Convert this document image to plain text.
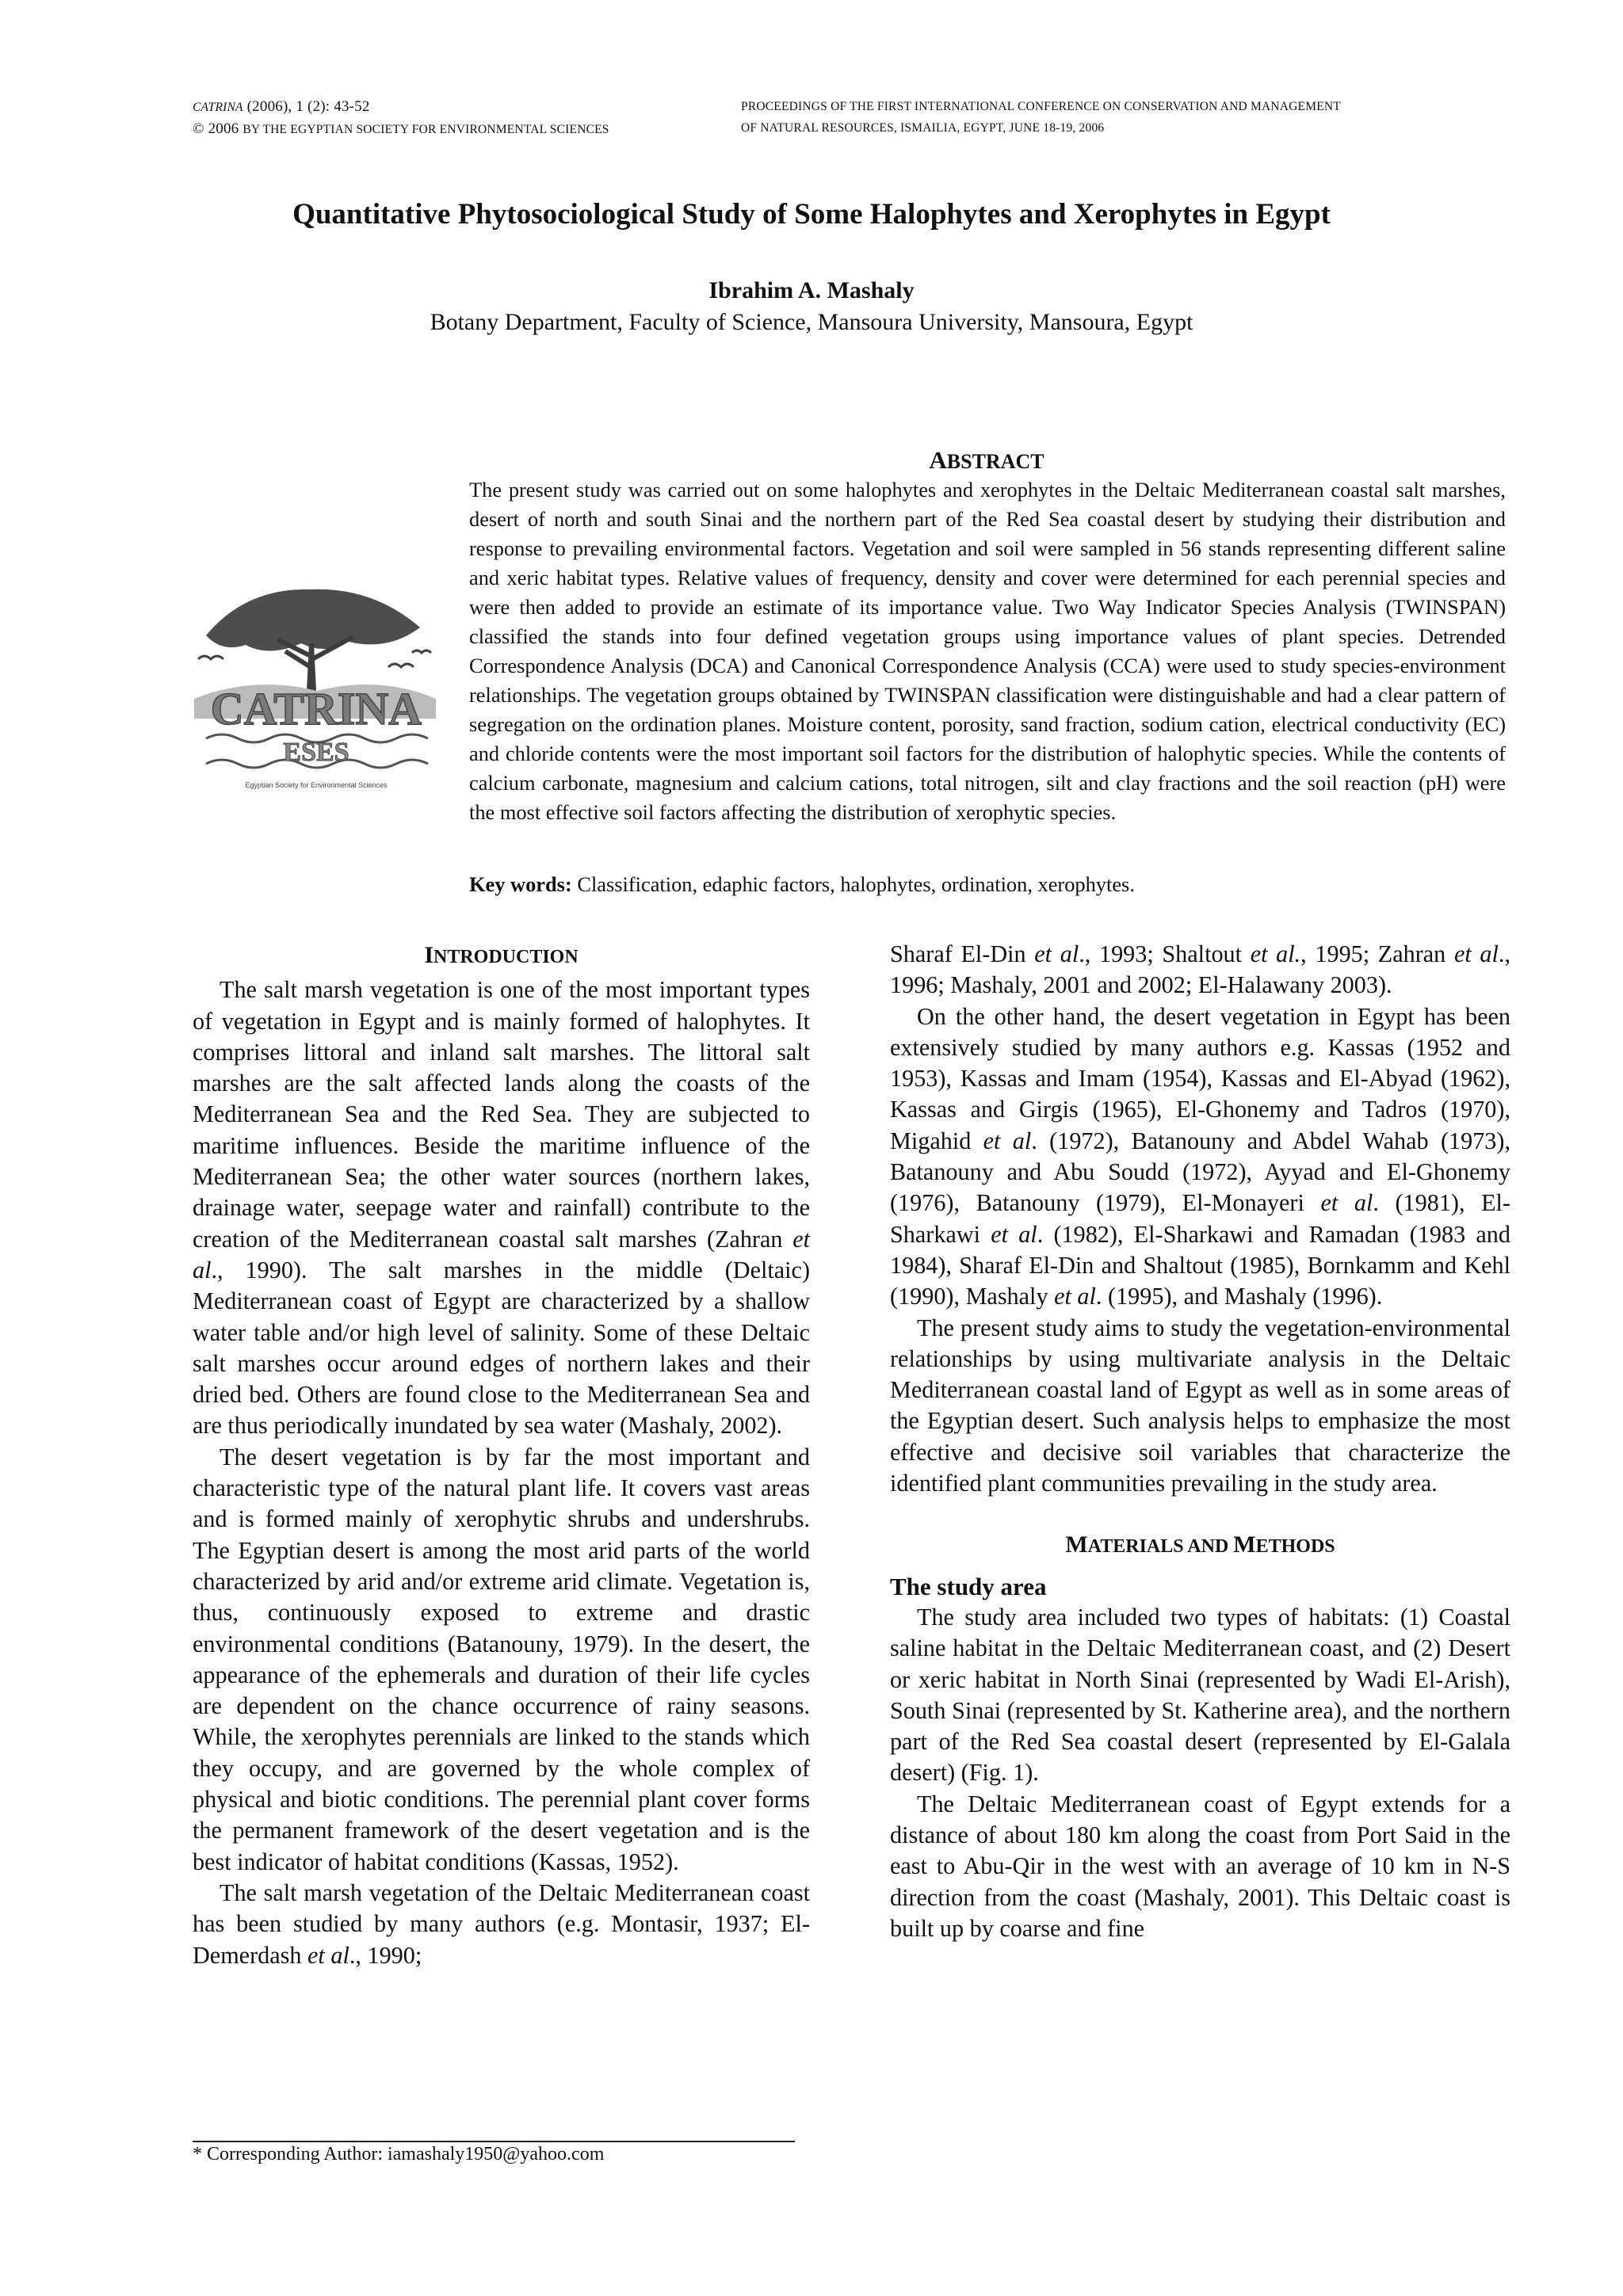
CATRINA (2006), 1 (2): 43-52
© 2006 BY THE EGYPTIAN SOCIETY FOR ENVIRONMENTAL SCIENCES
PROCEEDINGS OF THE FIRST INTERNATIONAL CONFERENCE ON CONSERVATION AND MANAGEMENT
OF NATURAL RESOURCES, ISMAILIA, EGYPT, JUNE 18-19, 2006
Quantitative Phytosociological Study of Some Halophytes and Xerophytes in Egypt
Ibrahim A. Mashaly
Botany Department, Faculty of Science, Mansoura University, Mansoura, Egypt
CATRINA
ESES
Egyptian Society for Environmental Sciences
ABSTRACT
The present study was carried out on some halophytes and xerophytes in the Deltaic Mediterranean coastal salt marshes, desert of north and south Sinai and the northern part of the Red Sea coastal desert by studying their distribution and response to prevailing environmental factors. Vegetation and soil were sampled in 56 stands representing different saline and xeric habitat types. Relative values of frequency, density and cover were determined for each perennial species and were then added to provide an estimate of its importance value. Two Way Indicator Species Analysis (TWINSPAN) classified the stands into four defined vegetation groups using importance values of plant species. Detrended Correspondence Analysis (DCA) and Canonical Correspondence Analysis (CCA) were used to study species-environment relationships. The vegetation groups obtained by TWINSPAN classification were distinguishable and had a clear pattern of segregation on the ordination planes. Moisture content, porosity, sand fraction, sodium cation, electrical conductivity (EC) and chloride contents were the most important soil factors for the distribution of halophytic species. While the contents of calcium carbonate, magnesium and calcium cations, total nitrogen, silt and clay fractions and the soil reaction (pH) were the most effective soil factors affecting the distribution of xerophytic species.
Key words: Classification, edaphic factors, halophytes, ordination, xerophytes.
INTRODUCTION

The salt marsh vegetation is one of the most important types of vegetation in Egypt and is mainly formed of halophytes. It comprises littoral and inland salt marshes. The littoral salt marshes are the salt affected lands along the coasts of the Mediterranean Sea and the Red Sea. They are subjected to maritime influences. Beside the maritime influence of the Mediterranean Sea; the other water sources (northern lakes, drainage water, seepage water and rainfall) contribute to the creation of the Mediterranean coastal salt marshes (Zahran et al., 1990). The salt marshes in the middle (Deltaic) Mediterranean coast of Egypt are characterized by a shallow water table and/or high level of salinity. Some of these Deltaic salt marshes occur around edges of northern lakes and their dried bed. Others are found close to the Mediterranean Sea and are thus periodically inundated by sea water (Mashaly, 2002).

The desert vegetation is by far the most important and characteristic type of the natural plant life. It covers vast areas and is formed mainly of xerophytic shrubs and undershrubs. The Egyptian desert is among the most arid parts of the world characterized by arid and/or extreme arid climate. Vegetation is, thus, continuously exposed to extreme and drastic environmental conditions (Batanouny, 1979). In the desert, the appearance of the ephemerals and duration of their life cycles are dependent on the chance occurrence of rainy seasons. While, the xerophytes perennials are linked to the stands which they occupy, and are governed by the whole complex of physical and biotic conditions. The perennial plant cover forms the permanent framework of the desert vegetation and is the best indicator of habitat conditions (Kassas, 1952).

The salt marsh vegetation of the Deltaic Mediterranean coast has been studied by many authors (e.g. Montasir, 1937; El-Demerdash et al., 1990;

Sharaf El-Din et al., 1993; Shaltout et al., 1995; Zahran et al., 1996; Mashaly, 2001 and 2002; El-Halawany 2003).

On the other hand, the desert vegetation in Egypt has been extensively studied by many authors e.g. Kassas (1952 and 1953), Kassas and Imam (1954), Kassas and El-Abyad (1962), Kassas and Girgis (1965), El-Ghonemy and Tadros (1970), Migahid et al. (1972), Batanouny and Abdel Wahab (1973), Batanouny and Abu Soudd (1972), Ayyad and El-Ghonemy (1976), Batanouny (1979), El-Monayeri et al. (1981), El-Sharkawi et al. (1982), El-Sharkawi and Ramadan (1983 and 1984), Sharaf El-Din and Shaltout (1985), Bornkamm and Kehl (1990), Mashaly et al. (1995), and Mashaly (1996).

The present study aims to study the vegetation-environmental relationships by using multivariate analysis in the Deltaic Mediterranean coastal land of Egypt as well as in some areas of the Egyptian desert. Such analysis helps to emphasize the most effective and decisive soil variables that characterize the identified plant communities prevailing in the study area.

MATERIALS AND METHODS
The study area

The study area included two types of habitats: (1) Coastal saline habitat in the Deltaic Mediterranean coast, and (2) Desert or xeric habitat in North Sinai (represented by Wadi El-Arish), South Sinai (represented by St. Katherine area), and the northern part of the Red Sea coastal desert (represented by El-Galala desert) (Fig. 1).

The Deltaic Mediterranean coast of Egypt extends for a distance of about 180 km along the coast from Port Said in the east to Abu-Qir in the west with an average of 10 km in N-S direction from the coast (Mashaly, 2001). This Deltaic coast is built up by coarse and fine

* Corresponding Author: iamashaly1950@yahoo.com
